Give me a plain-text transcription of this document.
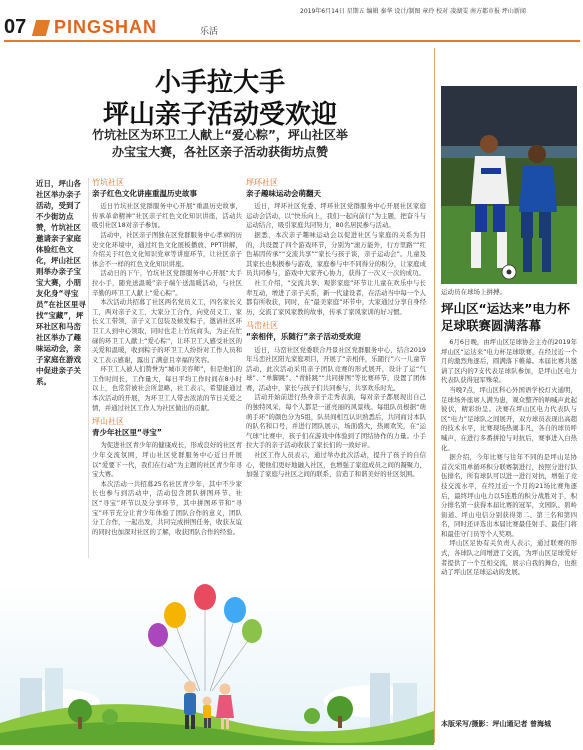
2019年6月14日 星期五 编辑 秦华 设计/制图 章玲 校对 凌湖雯 南方都市报 坪山新闻
07 PINGSHAN	乐活
小手拉大手
坪山亲子活动受欢迎
竹坑社区为环卫工人献上“爱心粽”，坪山社区举
办宝宝大赛，各社区亲子活动获街坊点赞
近日，坪山各社区举办亲子活动，受到了不少街坊点赞，竹坑社区邀请亲子家庭体验红色文化，坪山社区则举办亲子宝宝大赛，小朋友化身“寻宝员”在社区里寻找“宝藏”，坪环社区和马峦社区举办了趣味运动会，亲子家庭在游戏中促进亲子关系。
竹坑社区
亲子红色文化讲座重温历史故事

近日竹坑社区党群服务中心开展“重温历史故事，传承革命精神”社区亲子红色文化知识讲座，活动共吸引社区18对亲子参加。

活动中，社区亲子图独在区党群服务中心孝章的历史文化环境中，通过红色文化展板播放、PPT讲解，介绍关于红色文化知识党章等讲座环节，让社区亲子体会不一样的红色文化知识讲座。

活动日的下午，竹坑社区党群服务中心开展“大手拉小手，随党送温暖”亲子端午送温暖活动，与社区辛勤的环卫工人献上“爱心粽”。

本次活动共招募了社区两名党员义工，四名家长义工，两对亲子义工，大家分工合作，向党员义工、家长义工带领，亲子义工包装及候发粽子，邀请社区环卫工人到中心领取，同时也走上竹坑商头，为正在忙碌的环卫工人献上“爱心粽”，让环卫工人感受社区的关爱和温暖，收到粽子的环卫工人纷纷对工作人员和义工表示感谢，露出了满意且幸福的笑容。

环卫工人被人们赞誉为“城市美容师”，但是他们的工作时间长，工作量大，每日平均工作时间在8小时以上，也常常被社会所忽略，社工表示，希望能通过本次活动的开展，为环卫工人带去浓浓的节日关爱之情，并通过社区工作人为社区做出的贡献。

坪山社区
青少年社区里“寻宝”

为促进社区青少年的健康成长，形成良好的社区青少年交流氛围，坪山社区党群服务中心近日开展以“爱要下一代，我们在行动”为主题的社区青少年寻宝大赛。

本次活动一共招募25名社区青少年，其中不少家长也参与到活动中，活动包含团队拼图环节、社区“寻宝”环节以及分享环节，其中拼图环节和“寻宝”环节充分让青少年体验了团队合作的意义，团队分工合作，一起出发，共同完成拼图任务，收获友谊的同时也加深对社区的了解，收获团队合作的经验。

坪环社区
亲子趣味运动会萌翻天

近日，坪环社区党委、坪环社区党群服务中心开展社区家庭运动会活动，以“快乐向上，我们一起向前行”为主题，把奋斗与运动结合，吸引家庭共同努力，80名居民参与活动。

据悉，本次亲子趣味运动会以促进社区与家庭的关系为目的，共设置了四个游戏环节，分别为“滚万能外，行方里路”“红色基因传承”“交流共享”“家长与孩子谈，亲子运动会”。儿童及其家长也积极参与游戏，家庭参与中不同得分的积分，让家庭成员共同参与，游戏中大家齐心协力，获得了一次又一次的成功。

社工介绍，“交流共享、观影家庭”环节让儿童在欢乐中与长辈互动，增进了亲子关系，新一代建设者，在活动当中每一个人都有所收获，同时，在“最美家庭”环节中，大家通过分享自身经历，交流了家风家教的故事，传承了家风家训的好习惯。

马峦社区
“亲相伴，乐随行”亲子活动受欢迎

近日，马峦社区党委联合丹景社区党群服务中心，结合2019年马峦社区阳光家庭项目，开展了“亲相伴，乐随行”六一儿童节活动，此次活动采用亲子团队竞赛的形式展开，设计了运“气球”、“单脚跳”、“青蛙跳”“共同拼图”等比赛环节，设置了团体赛，活动中，家长与孩子们共同参与，共享欢乐时光。

活动开始前进行热身亲子走秀表演，每对亲子都展现出自己的独特风采，每个人都是一道亮丽的风景线。每组队员根据“萌萌手环”的颜色分为5组，队员间相互认识熟悉后，共同商讨本队的队名和口号，并进行团队展示，场面盛大，热闹欢笑，在“运气球”比赛中，孩子们在游戏中体验到了团结协作的力量。小手拉大手的亲子活动收获了家长们的一致好评。

社区工作人员表示，通过举办此次活动，提升了孩子的自信心，使他们更好地融入社区，也增强了家庭成员之间的凝聚力，加强了家庭与社区之间的联系，营造了和谐美好的社区氛围。

运动员在球场上拼搏。
坪山区“运达来”电力杯
足球联赛圆满落幕

6月6日晚，由坪山区足球协会主办的2019年坪山区“运达来”电力杯足球联赛，在经过近一个月的激烈角逐后，圆满落下帷幕。本届比赛共邀请了区内的7支代表足球队参加，是坪山区电力代表队获得冠军殊荣。

当晚7点，坪山区科心外国语学校灯火通明，足球场外座席人满为患，观众整齐的呐喊声此起彼伏，精彩纷呈。决赛在坪山区电力代表队与区“电力”足球队之间展开，双方球员表现出高超的技术水平，比赛现场热闹非凡，各自的球员呼喊声，在进行多番拼抢与对抗后，赛事进入白热化。

据介绍，今年比赛与往年不同的是坪山足协首次采用单循环积分联赛制进行，按照分进行队伍排名，所有球队可以进一进行对抗，增强了竞技交流水平，在经过近一个月的21场比赛角逐后，最终坪山电力以5连胜的积分战胜对手，积分排名第一获得本届比赛的冠军，文园队、碧岭街道、坪山电信分别获得第二、第三名和第四名，同时还评选出本届比赛最佳射手、最佳门将和最佳守门员等个人奖项。

坪山区足协有关负责人表示，通过联赛的形式，各球队之间增进了交流，为坪山区足球爱好者提供了一个互相交流，展示自我的舞台，也推动了坪山区足球运动的发展。

本版采写/摄影：坪山通记者 曾海城
